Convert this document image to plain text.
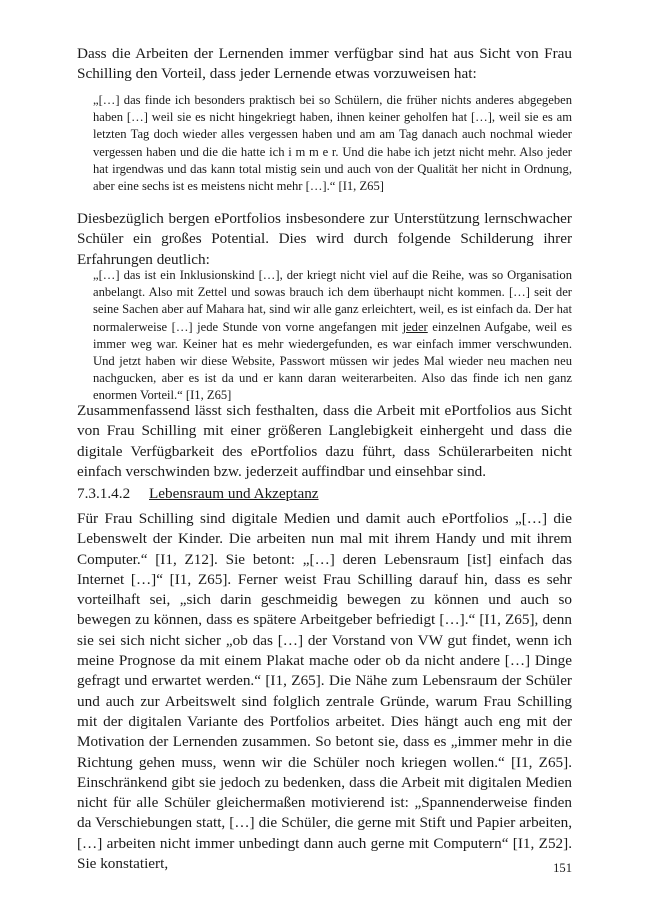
Dass die Arbeiten der Lernenden immer verfügbar sind hat aus Sicht von Frau Schilling den Vorteil, dass jeder Lernende etwas vorzuweisen hat:

„[…] das finde ich besonders praktisch bei so Schülern, die früher nichts anderes abgegeben haben […] weil sie es nicht hingekriegt haben, ihnen keiner geholfen hat […], weil sie es am letzten Tag doch wieder alles vergessen haben und am am Tag danach auch nochmal wieder vergessen haben und die die hatte ich i m m e r. Und die habe ich jetzt nicht mehr. Also jeder hat irgendwas und das kann total mistig sein und auch von der Qualität her nicht in Ordnung, aber eine sechs ist es meistens nicht mehr […].“ [I1, Z65]

Diesbezüglich bergen ePortfolios insbesondere zur Unterstützung lernschwacher Schüler ein großes Potential. Dies wird durch folgende Schilderung ihrer Erfahrungen deutlich:

„[…] das ist ein Inklusionskind […], der kriegt nicht viel auf die Reihe, was so Organisation anbelangt. Also mit Zettel und sowas brauch ich dem überhaupt nicht kommen. […] seit der seine Sachen aber auf Mahara hat, sind wir alle ganz erleichtert, weil, es ist einfach da. Der hat normalerweise […] jede Stunde von vorne angefangen mit jeder einzelnen Aufgabe, weil es immer weg war. Keiner hat es mehr wiedergefunden, es war einfach immer verschwunden. Und jetzt haben wir diese Website, Passwort müssen wir jedes Mal wieder neu machen neu nachgucken, aber es ist da und er kann daran weiterarbeiten. Also das finde ich nen ganz enormen Vorteil.“ [I1, Z65]

Zusammenfassend lässt sich festhalten, dass die Arbeit mit ePortfolios aus Sicht von Frau Schilling mit einer größeren Langlebigkeit einhergeht und dass die digitale Verfügbarkeit des ePortfolios dazu führt, dass Schülerarbeiten nicht einfach verschwinden bzw. jederzeit auffindbar und einsehbar sind.

7.3.1.4.2 Lebensraum und Akzeptanz

Für Frau Schilling sind digitale Medien und damit auch ePortfolios „[…] die Lebenswelt der Kinder. Die arbeiten nun mal mit ihrem Handy und mit ihrem Computer.“ [I1, Z12]. Sie betont: „[…] deren Lebensraum [ist] einfach das Internet […]“ [I1, Z65]. Ferner weist Frau Schilling darauf hin, dass es sehr vorteilhaft sei, „sich darin geschmeidig bewegen zu können und auch so bewegen zu können, dass es spätere Arbeitgeber befriedigt […].“ [I1, Z65], denn sie sei sich nicht sicher „ob das […] der Vorstand von VW gut findet, wenn ich meine Prognose da mit einem Plakat mache oder ob da nicht andere […] Dinge gefragt und erwartet werden.“ [I1, Z65]. Die Nähe zum Lebensraum der Schüler und auch zur Arbeitswelt sind folglich zentrale Gründe, warum Frau Schilling mit der digitalen Variante des Portfolios arbeitet. Dies hängt auch eng mit der Motivation der Lernenden zusammen. So betont sie, dass es „immer mehr in die Richtung gehen muss, wenn wir die Schüler noch kriegen wollen.“ [I1, Z65]. Einschränkend gibt sie jedoch zu bedenken, dass die Arbeit mit digitalen Medien nicht für alle Schüler gleichermaßen motivierend ist: „Spannenderweise finden da Verschiebungen statt, […] die Schüler, die gerne mit Stift und Papier arbeiten, […] arbeiten nicht immer unbedingt dann auch gerne mit Computern“ [I1, Z52]. Sie konstatiert,	151
